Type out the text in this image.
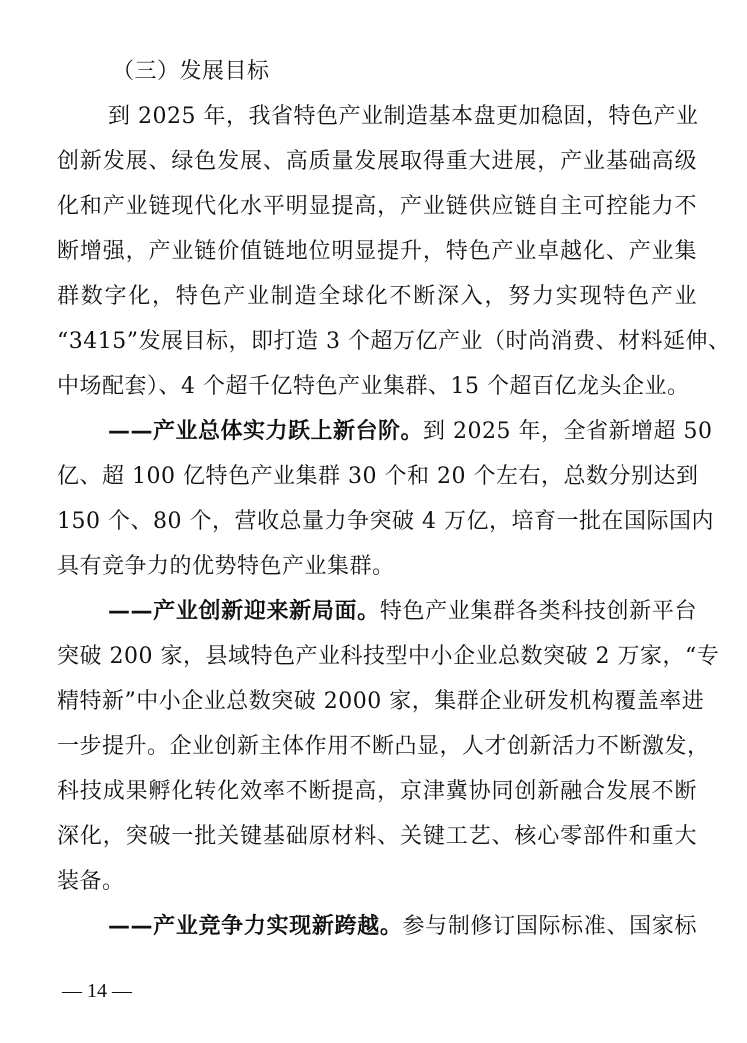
（三）发展目标
到 2025 年，我省特色产业制造基本盘更加稳固，特色产业
创新发展、绿色发展、高质量发展取得重大进展，产业基础高级
化和产业链现代化水平明显提高，产业链供应链自主可控能力不
断增强，产业链价值链地位明显提升，特色产业卓越化、产业集
群数字化，特色产业制造全球化不断深入，努力实现特色产业
“3415”发展目标，即打造 3 个超万亿产业（时尚消费、材料延伸、
中场配套）、4 个超千亿特色产业集群、15 个超百亿龙头企业。
——产业总体实力跃上新台阶。到 2025 年，全省新增超 50
亿、超 100 亿特色产业集群 30 个和 20 个左右，总数分别达到
150 个、80 个，营收总量力争突破 4 万亿，培育一批在国际国内
具有竞争力的优势特色产业集群。
——产业创新迎来新局面。特色产业集群各类科技创新平台
突破 200 家，县域特色产业科技型中小企业总数突破 2 万家，“专
精特新”中小企业总数突破 2000 家，集群企业研发机构覆盖率进
一步提升。企业创新主体作用不断凸显，人才创新活力不断激发，
科技成果孵化转化效率不断提高，京津冀协同创新融合发展不断
深化，突破一批关键基础原材料、关键工艺、核心零部件和重大
装备。
——产业竞争力实现新跨越。参与制修订国际标准、国家标
— 14 —
